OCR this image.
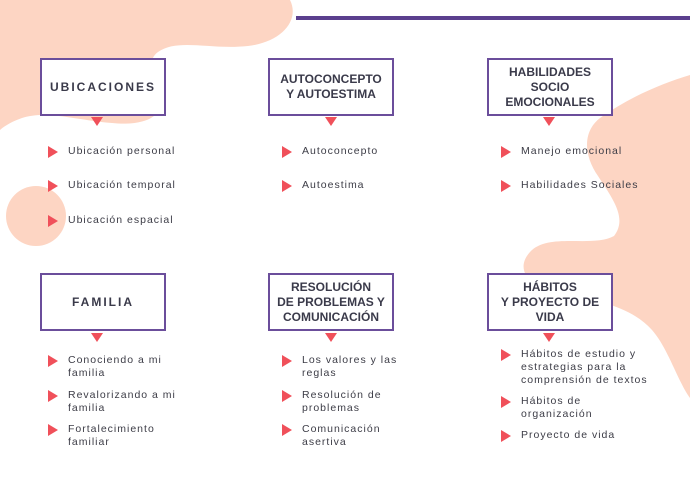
UBICACIONES
Ubicación personal
Ubicación temporal
Ubicación espacial
AUTOCONCEPTO
Y AUTOESTIMA
Autoconcepto
Autoestima
HABILIDADES
SOCIO
EMOCIONALES
Manejo emocional
Habilidades Sociales
FAMILIA
Conociendo a mi
familia
Revalorizando a mi
familia
Fortalecimiento
familiar
RESOLUCIÓN
DE PROBLEMAS Y
COMUNICACIÓN
Los valores y las
reglas
Resolución de
problemas
Comunicación
asertiva
HÁBITOS
Y PROYECTO DE
VIDA
Hábitos de estudio y
estrategias para la
comprensión de textos
Hábitos de
organización
Proyecto de vida
